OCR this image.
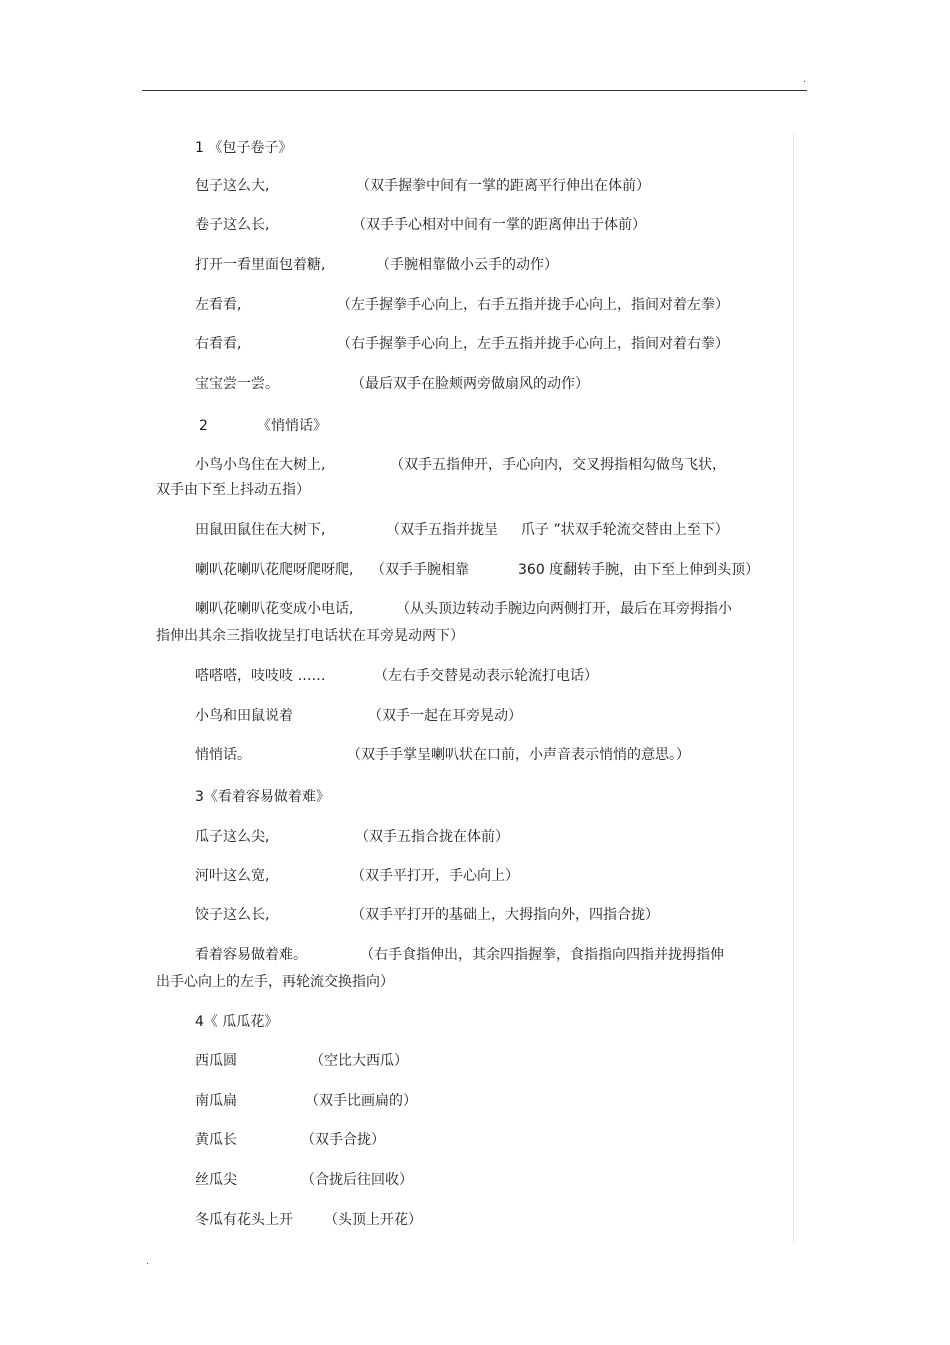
.
1 《包子卷子》
包子这么大,	（双手握拳中间有一掌的距离平行伸出在体前）
卷子这么长,	（双手手心相对中间有一掌的距离伸出于体前）
打开一看里面包着糖,	（手腕相靠做小云手的动作）
左看看,	（左手握拳手心向上，右手五指并拢手心向上，指间对着左拳）
右看看,	（右手握拳手心向上，左手五指并拢手心向上，指间对着右拳）
宝宝尝一尝。	（最后双手在脸颊两旁做扇风的动作）
2	《悄悄话》
小鸟小鸟住在大树上,	（双手五指伸开，手心向内，交叉拇指相勾做鸟飞状，
双手由下至上抖动五指）
田鼠田鼠住在大树下,	（双手五指并拢呈 爪子 ”状双手轮流交替由上至下）
喇叭花喇叭花爬呀爬呀爬, （双手手腕相靠	360 度翻转手腕，由下至上伸到头顶）
喇叭花喇叭花变成小电话,	（从头顶边转动手腕边向两侧打开，最后在耳旁拇指小
指伸出其余三指收拢呈打电话状在耳旁晃动两下）
嗒嗒嗒，吱吱吱 ……	（左右手交替晃动表示轮流打电话）
小鸟和田鼠说着	（双手一起在耳旁晃动）
悄悄话。	（双手手掌呈喇叭状在口前，小声音表示悄悄的意思。）
3《看着容易做着难》
瓜子这么尖,	（双手五指合拢在体前）
河叶这么宽,	（双手平打开，手心向上）
饺子这么长,	（双手平打开的基础上，大拇指向外，四指合拢）
看着容易做着难。	（右手食指伸出，其余四指握拳，食指指向四指并拢拇指伸
出手心向上的左手，再轮流交换指向）
4《 瓜瓜花》
西瓜圆	（空比大西瓜）
南瓜扁	（双手比画扁的）
黄瓜长	（双手合拢）
丝瓜尖	（合拢后往回收）
冬瓜有花头上开 （头顶上开花）
.
